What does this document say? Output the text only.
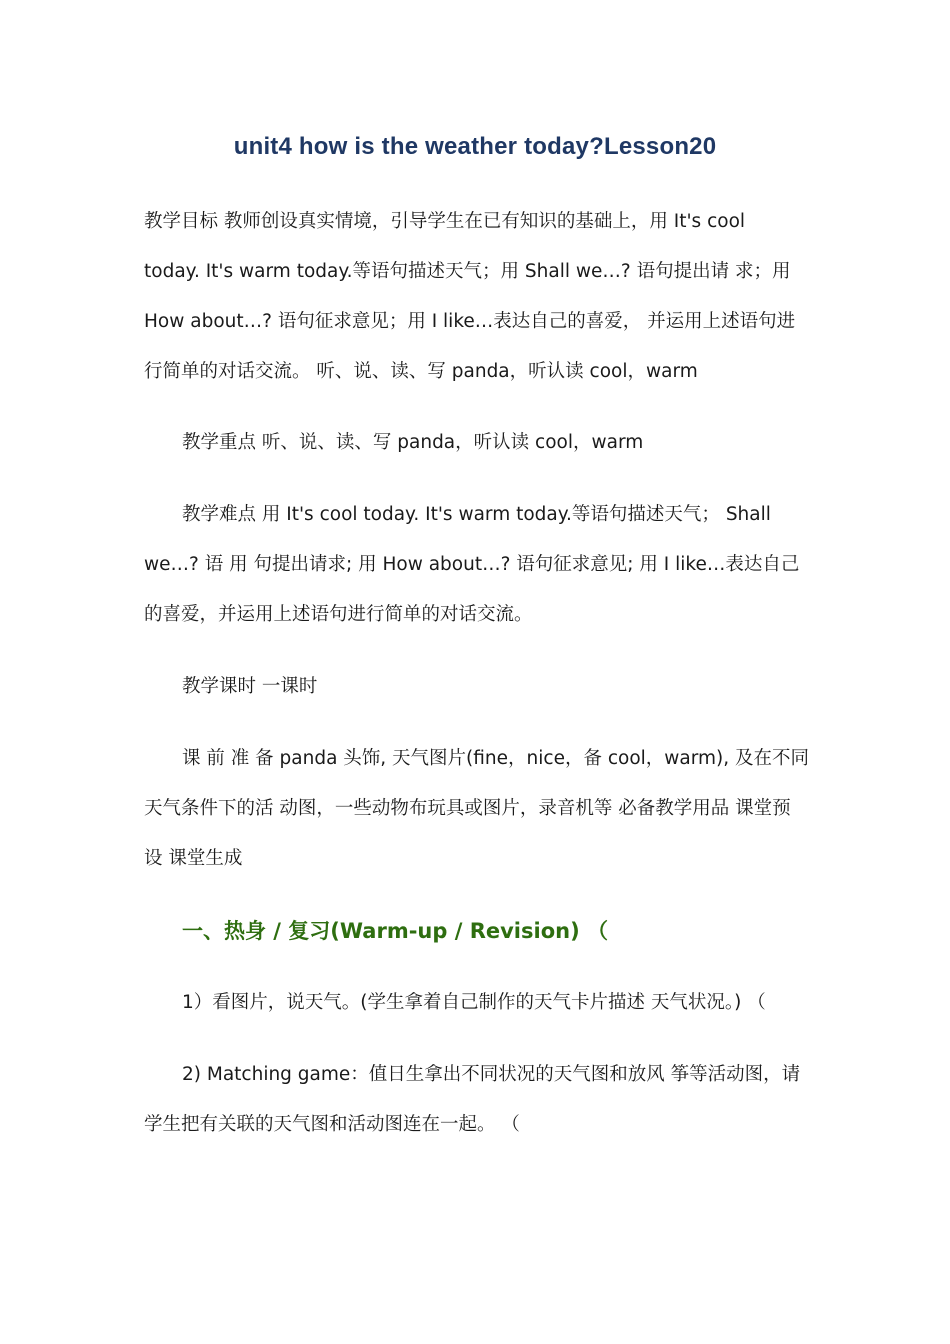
unit4 how is the weather today?Lesson20

教学目标 教师创设真实情境，引导学生在已有知识的基础上，用 It's cool
today. It's warm today.等语句描述天气；用 Shall we…? 语句提出请 求；用
How about…? 语句征求意见；用 I like…表达自己的喜爱， 并运用上述语句进
行简单的对话交流。 听、说、读、写 panda，听认读 cool，warm

教学重点 听、说、读、写 panda，听认读 cool，warm

教学难点 用 It's cool today. It's warm today.等语句描述天气； Shall
we…? 语 用 句提出请求; 用 How about…? 语句征求意见; 用 I like…表达自己
的喜爱，并运用上述语句进行简单的对话交流。

教学课时 一课时

课 前 准 备 panda 头饰, 天气图片(fine，nice，备 cool，warm), 及在不同
天气条件下的活 动图，一些动物布玩具或图片，录音机等 必备教学用品 课堂预
设 课堂生成

一、热身 / 复习(Warm-up / Revision) （

1）看图片，说天气。(学生拿着自己制作的天气卡片描述 天气状况。) （

2) Matching game：值日生拿出不同状况的天气图和放风 筝等活动图，请
学生把有关联的天气图和活动图连在一起。 （
